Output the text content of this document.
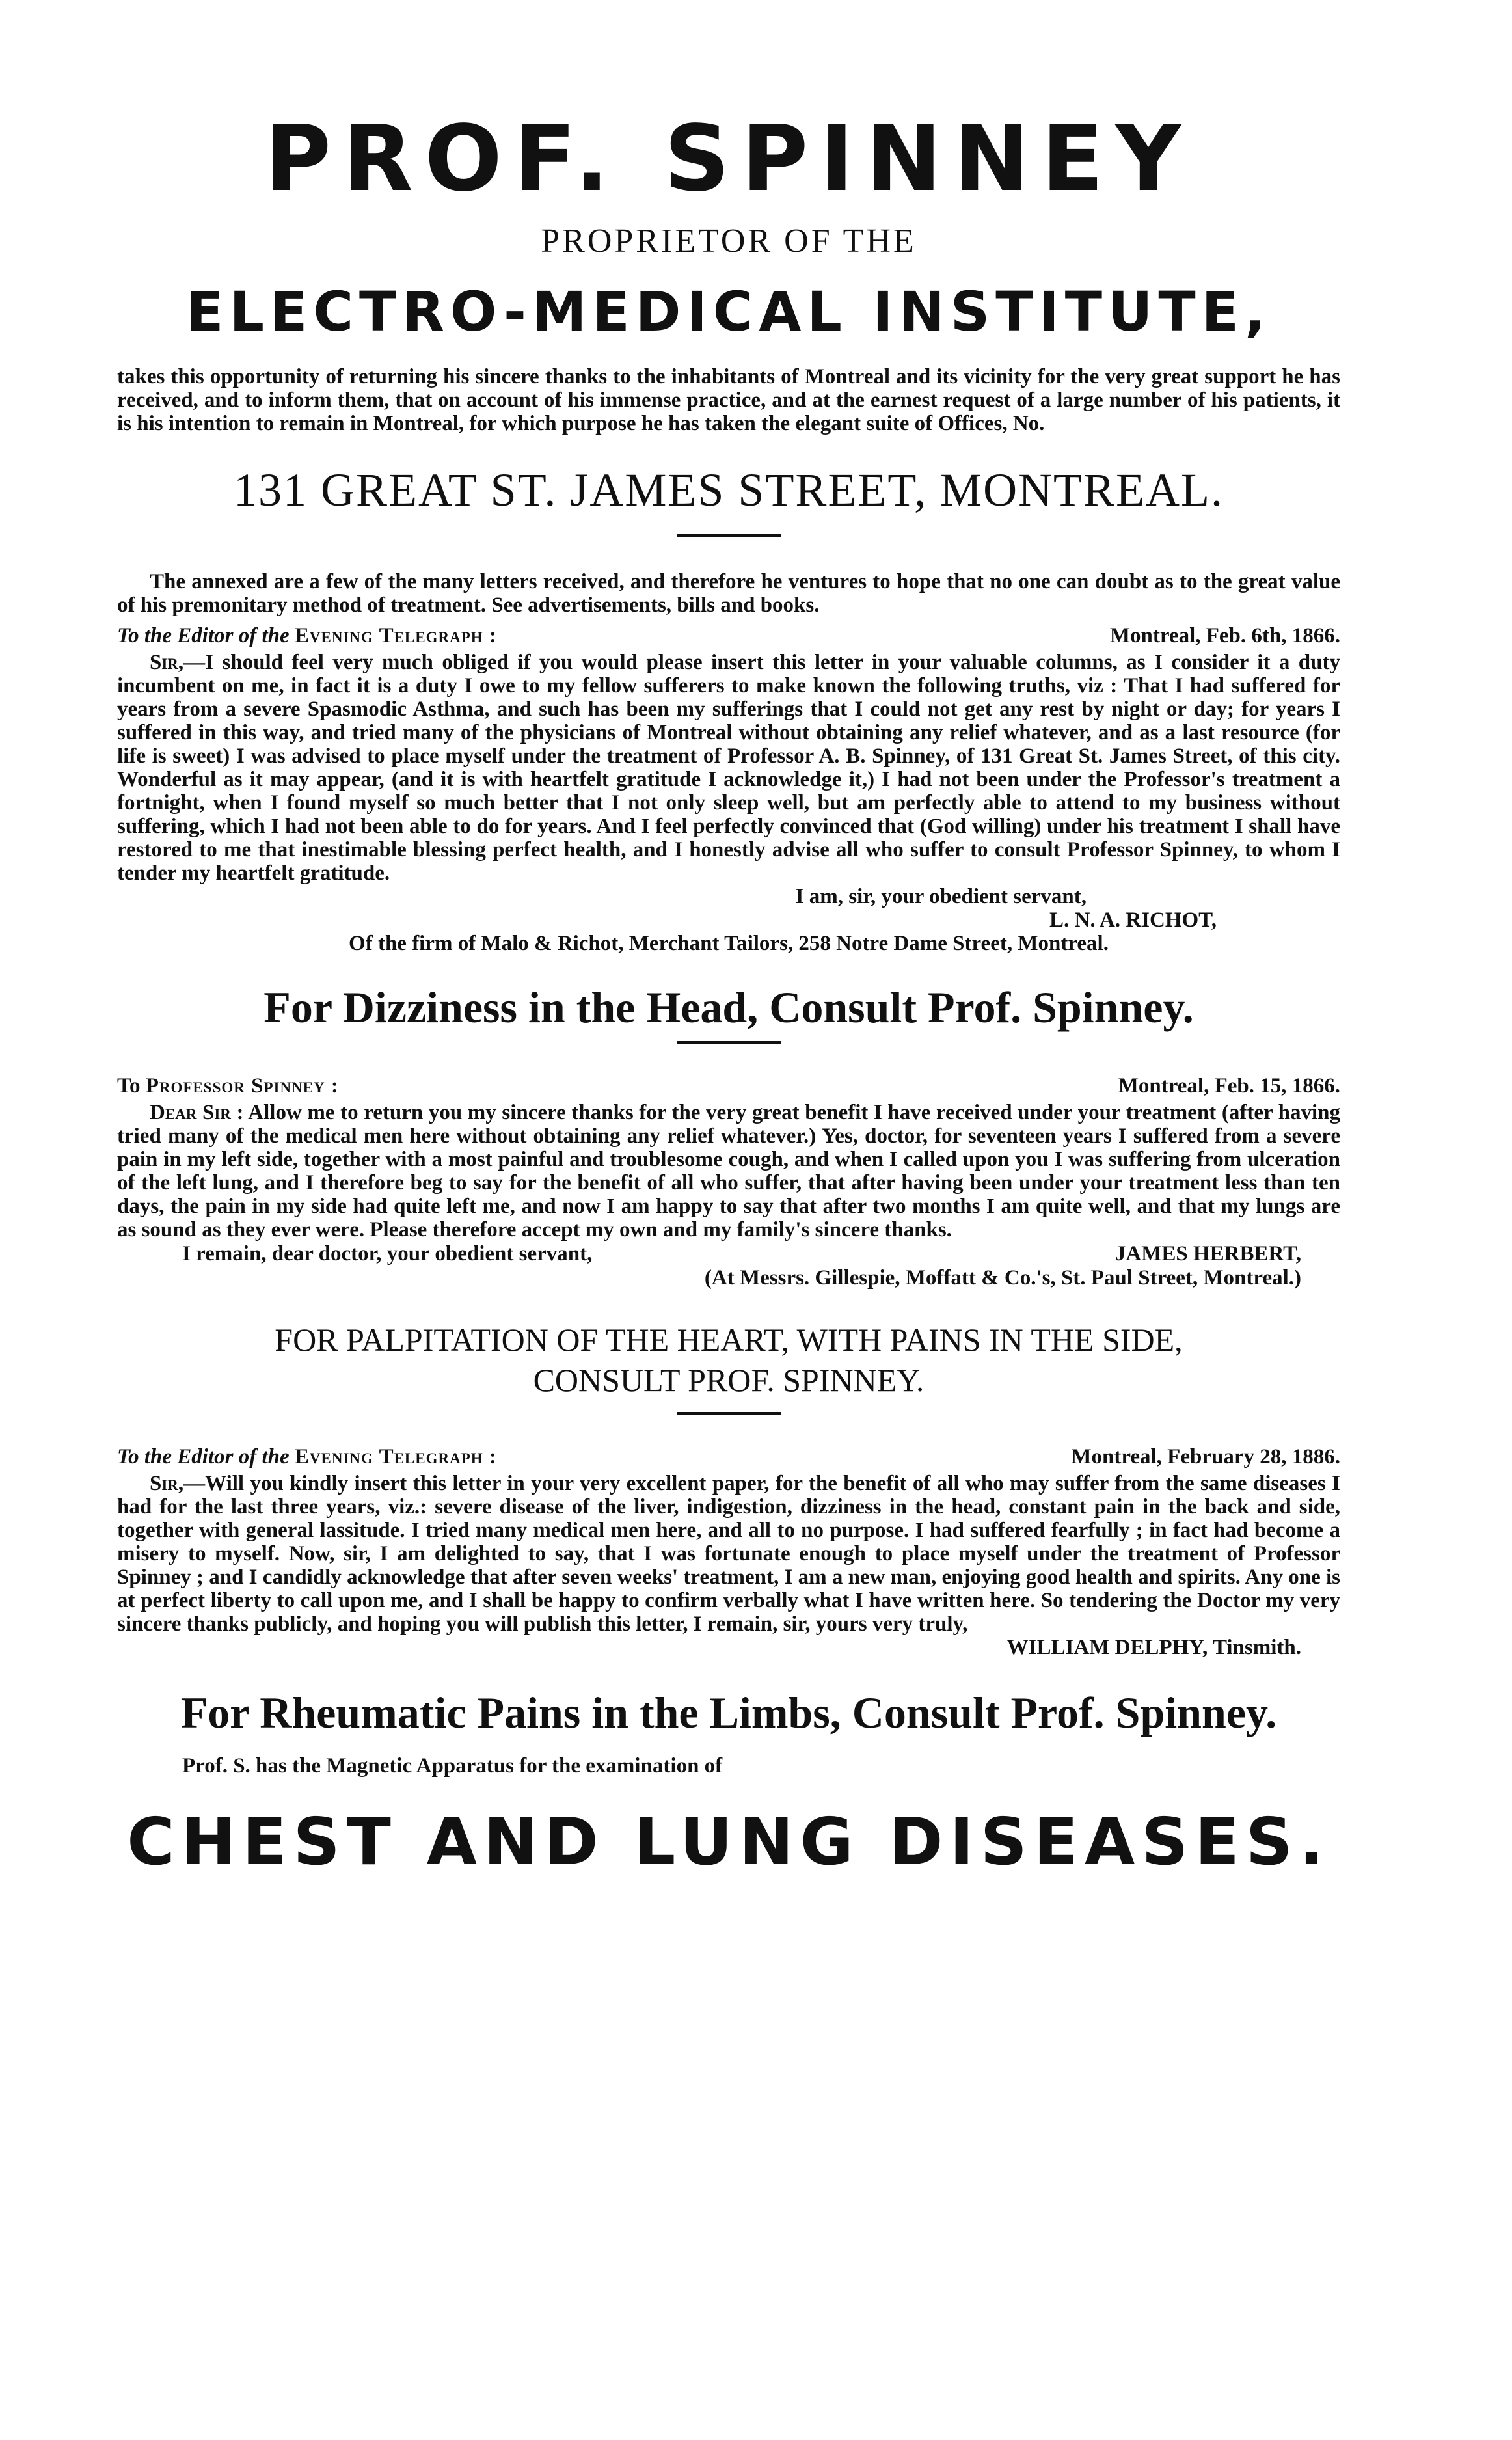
PROF. SPINNEY

PROPRIETOR OF THE

ELECTRO-MEDICAL INSTITUTE,

takes this opportunity of returning his sincere thanks to the inhabitants of Montreal and its vicinity for the very great support he has received, and to inform them, that on account of his immense practice, and at the earnest request of a large number of his patients, it is his intention to remain in Montreal, for which purpose he has taken the elegant suite of Offices, No.

131 GREAT ST. JAMES STREET, MONTREAL.

The annexed are a few of the many letters received, and therefore he ventures to hope that no one can doubt as to the great value of his premonitary method of treatment. See advertisements, bills and books.

To the Editor of the Evening Telegraph :	Montreal, Feb. 6th, 1866.

Sir,—I should feel very much obliged if you would please insert this letter in your valuable columns, as I consider it a duty incumbent on me, in fact it is a duty I owe to my fellow sufferers to make known the following truths, viz : That I had suffered for years from a severe Spasmodic Asthma, and such has been my sufferings that I could not get any rest by night or day; for years I suffered in this way, and tried many of the physicians of Montreal without obtaining any relief whatever, and as a last resource (for life is sweet) I was advised to place myself under the treatment of Professor A. B. Spinney, of 131 Great St. James Street, of this city. Wonderful as it may appear, (and it is with heartfelt gratitude I acknowledge it,) I had not been under the Professor's treatment a fortnight, when I found myself so much better that I not only sleep well, but am perfectly able to attend to my business without suffering, which I had not been able to do for years. And I feel perfectly convinced that (God willing) under his treatment I shall have restored to me that inestimable blessing perfect health, and I honestly advise all who suffer to consult Professor Spinney, to whom I tender my heartfelt gratitude.

I am, sir, your obedient servant,

L. N. A. RICHOT,

Of the firm of Malo & Richot, Merchant Tailors, 258 Notre Dame Street, Montreal.

For Dizziness in the Head, Consult Prof. Spinney.

To Professor Spinney :	Montreal, Feb. 15, 1866.

Dear Sir : Allow me to return you my sincere thanks for the very great benefit I have received under your treatment (after having tried many of the medical men here without obtaining any relief whatever.) Yes, doctor, for seventeen years I suffered from a severe pain in my left side, together with a most painful and troublesome cough, and when I called upon you I was suffering from ulceration of the left lung, and I therefore beg to say for the benefit of all who suffer, that after having been under your treatment less than ten days, the pain in my side had quite left me, and now I am happy to say that after two months I am quite well, and that my lungs are as sound as they ever were. Please therefore accept my own and my family's sincere thanks.

I remain, dear doctor, your obedient servant,	JAMES HERBERT,

(At Messrs. Gillespie, Moffatt & Co.'s, St. Paul Street, Montreal.)

FOR PALPITATION OF THE HEART, WITH PAINS IN THE SIDE,
CONSULT PROF. SPINNEY.

To the Editor of the Evening Telegraph :	Montreal, February 28, 1886.

Sir,—Will you kindly insert this letter in your very excellent paper, for the benefit of all who may suffer from the same diseases I had for the last three years, viz.: severe disease of the liver, indigestion, dizziness in the head, constant pain in the back and side, together with general lassitude. I tried many medical men here, and all to no purpose. I had suffered fearfully ; in fact had become a misery to myself. Now, sir, I am delighted to say, that I was fortunate enough to place myself under the treatment of Professor Spinney ; and I candidly acknowledge that after seven weeks' treatment, I am a new man, enjoying good health and spirits. Any one is at perfect liberty to call upon me, and I shall be happy to confirm verbally what I have written here. So tendering the Doctor my very sincere thanks publicly, and hoping you will publish this letter, I remain, sir, yours very truly,

WILLIAM DELPHY, Tinsmith.

For Rheumatic Pains in the Limbs, Consult Prof. Spinney.

Prof. S. has the Magnetic Apparatus for the examination of

CHEST AND LUNG DISEASES.
